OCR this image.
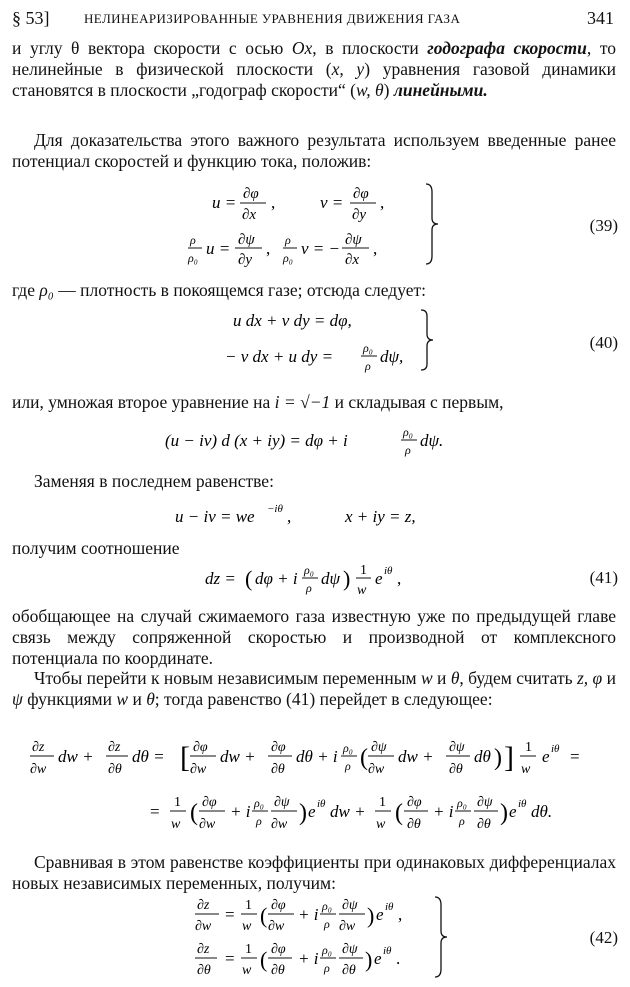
§ 53]	НЕЛИНЕАРИЗИРОВАННЫЕ УРАВНЕНИЯ ДВИЖЕНИЯ ГАЗА	341
и углу θ вектора скорости с осью Ox, в плоскости годографа скорости, то нелинейные в физической плоскости (x, y) уравнения газовой динамики становятся в плоскости „годограф скорости“ (w, θ) линейными.
Для доказательства этого важного результата используем введенные ранее потенциал скоростей и функцию тока, положив:
u = ∂φ
∂x
,	v = ∂φ
∂y
,
ρ
ρ₀ u = ∂ψ
∂y
, ρ
ρ₀ v = − ∂ψ
∂x
,
(39)
где ρ₀ — плотность в покоящемся газе; отсюда следует:
u dx + v dy = dφ,
− v dx + u dy = ρ₀
ρ dψ,
(40)
или, умножая второе уравнение на i = √−1 и складывая с первым,
(u − iv) d (x + iy) = dφ + i	ρ₀
ρ dψ.
Заменяя в последнем равенстве:
u − iv = we −iθ ,	x + iy = z,
получим соотношение
dz = ( dφ + i ρ₀
ρ dψ ) 1
w
e iθ ,	(41)
обобщающее на случай сжимаемого газа известную уже по предыдущей главе связь между сопряженной скоростью и производной от комплексного потенциала по координате.
Чтобы перейти к новым независимым переменным w и θ, будем считать z, φ и ψ функциями w и θ; тогда равенство (41) перейдет в следующее:
∂z
∂w
dw + ∂z
∂θ
dθ = [ ∂φ
∂w
dw + ∂φ
∂θ
dθ + i ρ₀
ρ ( ∂ψ
∂w
dw + ∂ψ
∂θ
dθ ) ] 1
w
e iθ =
= 1
w ( ∂φ
∂w
+ i ρ₀
ρ
∂ψ
∂w ) e iθ dw + 1
w ( ∂φ
∂θ
+ i ρ₀
ρ
∂ψ
∂θ ) e iθ dθ.
Сравнивая в этом равенстве коэффициенты при одинаковых дифференциалах новых независимых переменных, получим:
∂z
∂w
= 1
w ( ∂φ
∂w
+ i ρ₀
ρ
∂ψ
∂w ) e iθ ,
∂z
∂θ
= 1
w ( ∂φ
∂θ
+ i ρ₀
ρ
∂ψ
∂θ ) e iθ .
(42)
